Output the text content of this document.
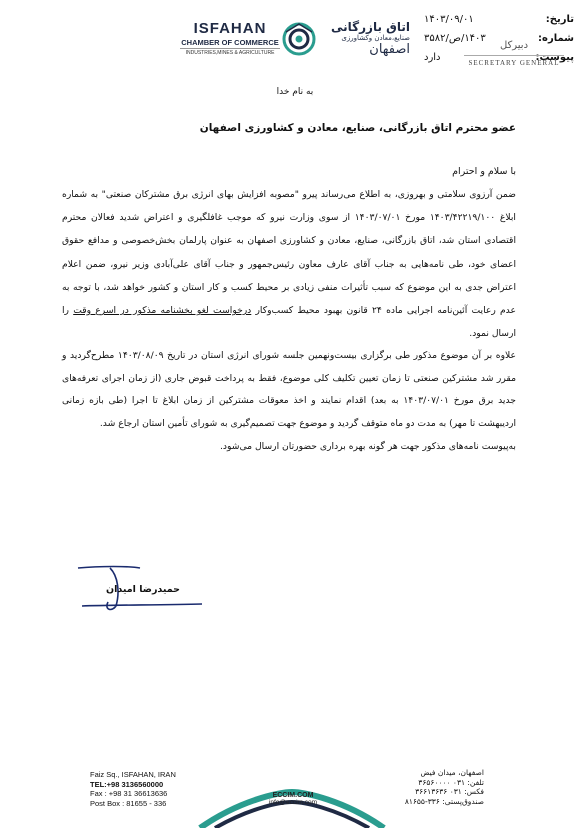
تاریخ:
۱۴۰۳/۰۹/۰۱
شماره:
۱۴۰۳/ص/۳۵۸۲
پیوست:
دارد
ISFAHAN
CHAMBER OF COMMERCE
INDUSTRIES,MINES & AGRICULTURE
اتاق بازرگانی
صنایع،معادن وکشاورزی
اصفهان	دبیرکل
SECRETARY GENERAL
به نام خدا
عضو محترم اتاق بازرگانی، صنایع، معادن و کشاورزی اصفهان
با سلام و احترام

ضمن آرزوی سلامتی و بهروزی، به اطلاع می‌رساند پیرو "مصوبه افزایش بهای انرژی برق مشترکان صنعتی" به شماره ابلاغ ۱۴۰۳/۴۲۲۱۹/۱۰۰ مورخ ۱۴۰۳/۰۷/۰۱ از سوی وزارت نیرو که موجب غافلگیری و اعتراض شدید فعالان محترم اقتصادی استان شد، اتاق بازرگانی، صنایع، معادن و کشاورزی اصفهان به عنوان پارلمان بخش‌خصوصی و مدافع حقوق اعضای خود، طی نامه‌هایی به جناب آقای عارف معاون رئیس‌جمهور و جناب آقای علی‌آبادی وزیر نیرو، ضمن اعلام اعتراض جدی به این موضوع که سبب تأثیرات منفی زیادی بر محیط کسب و کار استان و کشور خواهد شد، با توجه به عدم رعایت آئین‌نامه اجرایی ماده ۲۴ قانون بهبود محیط کسب‌وکار درخواست لغو بخشنامه مذکور در اسرع وقت را ارسال نمود.

علاوه بر آن موضوع مذکور طی برگزاری بیست‌ونهمین جلسه شورای انرژی استان در تاریخ ۱۴۰۳/۰۸/۰۹ مطرح‌گردید و مقرر شد مشترکین صنعتی تا زمان تعیین تکلیف کلی موضوع، فقط به پرداخت قبوض جاری (از زمان اجرای تعرفه‌های جدید برق مورخ ۱۴۰۳/۰۷/۰۱ به بعد) اقدام نمایند و اخذ معوقات مشترکین از زمان ابلاغ تا اجرا (طی بازه زمانی اردیبهشت تا مهر) به مدت دو ماه متوقف گردید و موضوع جهت تصمیم‌گیری به شورای تأمین استان ارجاع شد.

به‌پیوست نامه‌های مذکور جهت هر گونه بهره برداری حضورتان ارسال می‌شود.
حمیدرضا امیدان
Faiz Sq., ISFAHAN, IRAN
TEL:+98 3136560000
Fax : +98 31 36613636
Post Box : 81655 - 336
ECCIM.COM
info@eccim.com
اصفهان، میدان فیض
تلفن: ۰۳۱ ۳۶۵۶۰۰۰۰
فکس: ۰۳۱ ۳۶۶۱۳۶۳۶
صندوق‌پستی: ۳۳۶-۸۱۶۵۵
